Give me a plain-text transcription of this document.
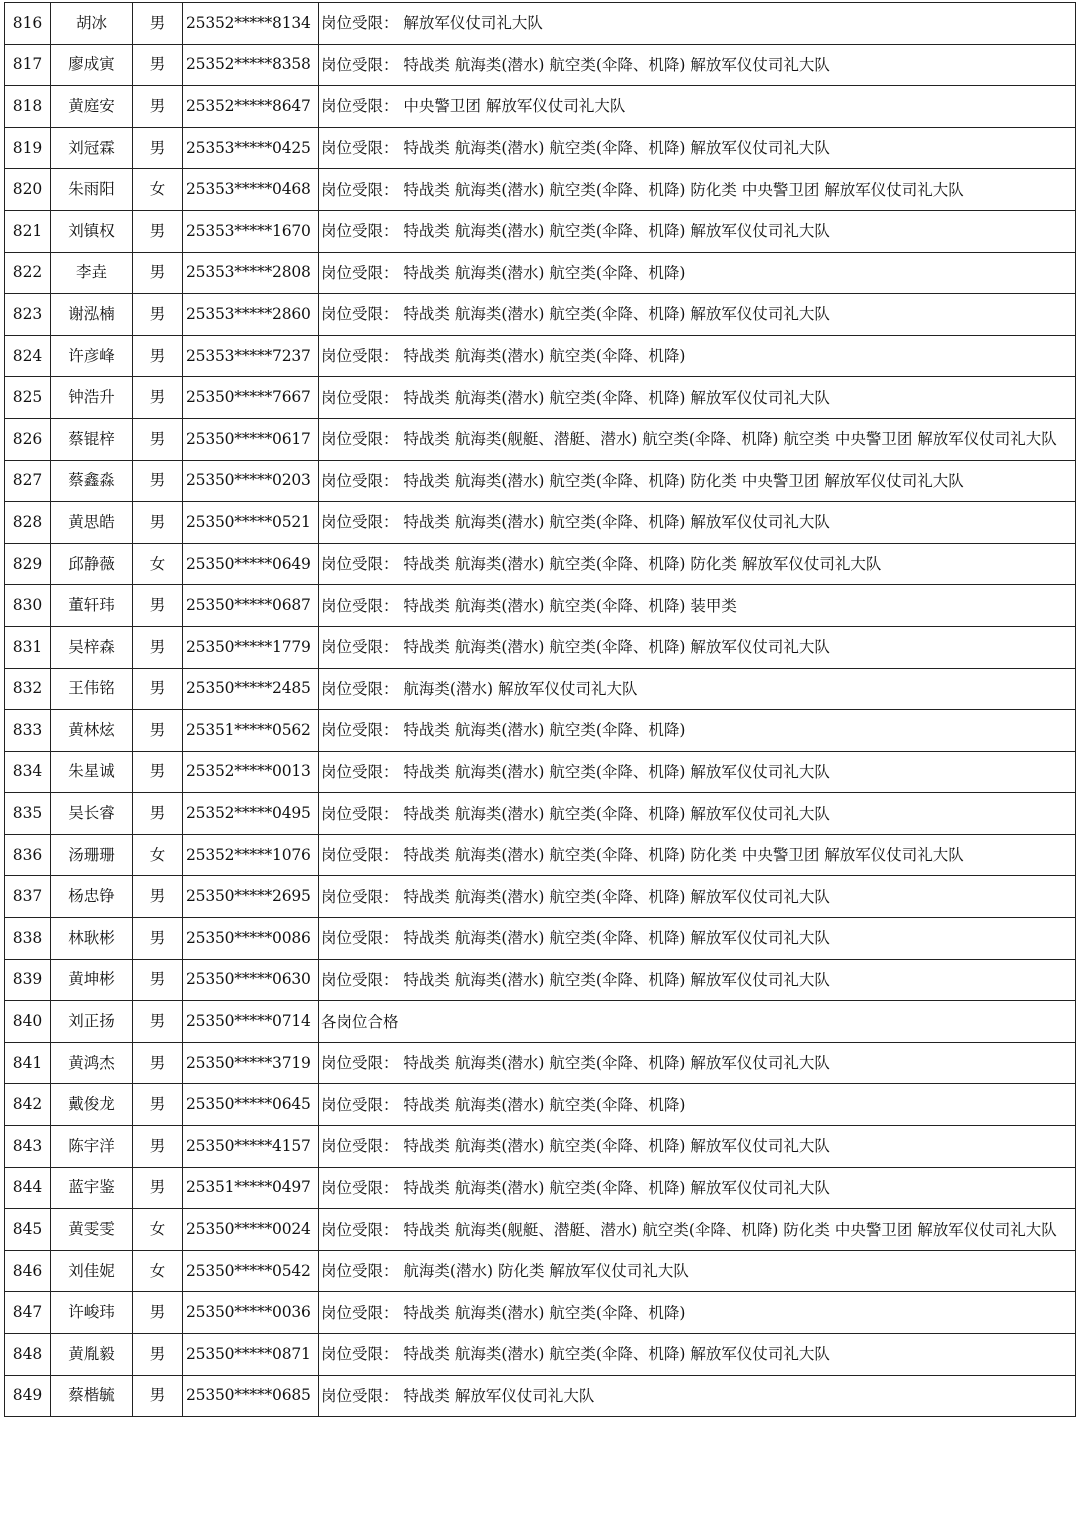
816	胡冰	男	25352*****8134	岗位受限： 解放军仪仗司礼大队
817	廖成寅	男	25352*****8358	岗位受限： 特战类 航海类(潜水) 航空类(伞降、机降) 解放军仪仗司礼大队
818	黄庭安	男	25352*****8647	岗位受限： 中央警卫团 解放军仪仗司礼大队
819	刘冠霖	男	25353*****0425	岗位受限： 特战类 航海类(潜水) 航空类(伞降、机降) 解放军仪仗司礼大队
820	朱雨阳	女	25353*****0468	岗位受限： 特战类 航海类(潜水) 航空类(伞降、机降) 防化类 中央警卫团 解放军仪仗司礼大队
821	刘镇权	男	25353*****1670	岗位受限： 特战类 航海类(潜水) 航空类(伞降、机降) 解放军仪仗司礼大队
822	李垚	男	25353*****2808	岗位受限： 特战类 航海类(潜水) 航空类(伞降、机降)
823	谢泓楠	男	25353*****2860	岗位受限： 特战类 航海类(潜水) 航空类(伞降、机降) 解放军仪仗司礼大队
824	许彦峰	男	25353*****7237	岗位受限： 特战类 航海类(潜水) 航空类(伞降、机降)
825	钟浩升	男	25350*****7667	岗位受限： 特战类 航海类(潜水) 航空类(伞降、机降) 解放军仪仗司礼大队
826	蔡锟梓	男	25350*****0617	岗位受限： 特战类 航海类(舰艇、潜艇、潜水) 航空类(伞降、机降) 航空类 中央警卫团 解放军仪仗司礼大队
827	蔡鑫淼	男	25350*****0203	岗位受限： 特战类 航海类(潜水) 航空类(伞降、机降) 防化类 中央警卫团 解放军仪仗司礼大队
828	黄思皓	男	25350*****0521	岗位受限： 特战类 航海类(潜水) 航空类(伞降、机降) 解放军仪仗司礼大队
829	邱静薇	女	25350*****0649	岗位受限： 特战类 航海类(潜水) 航空类(伞降、机降) 防化类 解放军仪仗司礼大队
830	董轩玮	男	25350*****0687	岗位受限： 特战类 航海类(潜水) 航空类(伞降、机降) 装甲类
831	吴梓森	男	25350*****1779	岗位受限： 特战类 航海类(潜水) 航空类(伞降、机降) 解放军仪仗司礼大队
832	王伟铭	男	25350*****2485	岗位受限： 航海类(潜水) 解放军仪仗司礼大队
833	黄林炫	男	25351*****0562	岗位受限： 特战类 航海类(潜水) 航空类(伞降、机降)
834	朱星诚	男	25352*****0013	岗位受限： 特战类 航海类(潜水) 航空类(伞降、机降) 解放军仪仗司礼大队
835	吴长睿	男	25352*****0495	岗位受限： 特战类 航海类(潜水) 航空类(伞降、机降) 解放军仪仗司礼大队
836	汤珊珊	女	25352*****1076	岗位受限： 特战类 航海类(潜水) 航空类(伞降、机降) 防化类 中央警卫团 解放军仪仗司礼大队
837	杨忠铮	男	25350*****2695	岗位受限： 特战类 航海类(潜水) 航空类(伞降、机降) 解放军仪仗司礼大队
838	林耿彬	男	25350*****0086	岗位受限： 特战类 航海类(潜水) 航空类(伞降、机降) 解放军仪仗司礼大队
839	黄坤彬	男	25350*****0630	岗位受限： 特战类 航海类(潜水) 航空类(伞降、机降) 解放军仪仗司礼大队
840	刘正扬	男	25350*****0714	各岗位合格
841	黄鸿杰	男	25350*****3719	岗位受限： 特战类 航海类(潜水) 航空类(伞降、机降) 解放军仪仗司礼大队
842	戴俊龙	男	25350*****0645	岗位受限： 特战类 航海类(潜水) 航空类(伞降、机降)
843	陈宇洋	男	25350*****4157	岗位受限： 特战类 航海类(潜水) 航空类(伞降、机降) 解放军仪仗司礼大队
844	蓝宇鉴	男	25351*****0497	岗位受限： 特战类 航海类(潜水) 航空类(伞降、机降) 解放军仪仗司礼大队
845	黄雯雯	女	25350*****0024	岗位受限： 特战类 航海类(舰艇、潜艇、潜水) 航空类(伞降、机降) 防化类 中央警卫团 解放军仪仗司礼大队
846	刘佳妮	女	25350*****0542	岗位受限： 航海类(潜水) 防化类 解放军仪仗司礼大队
847	许峻玮	男	25350*****0036	岗位受限： 特战类 航海类(潜水) 航空类(伞降、机降)
848	黄胤毅	男	25350*****0871	岗位受限： 特战类 航海类(潜水) 航空类(伞降、机降) 解放军仪仗司礼大队
849	蔡楷毓	男	25350*****0685	岗位受限： 特战类 解放军仪仗司礼大队
